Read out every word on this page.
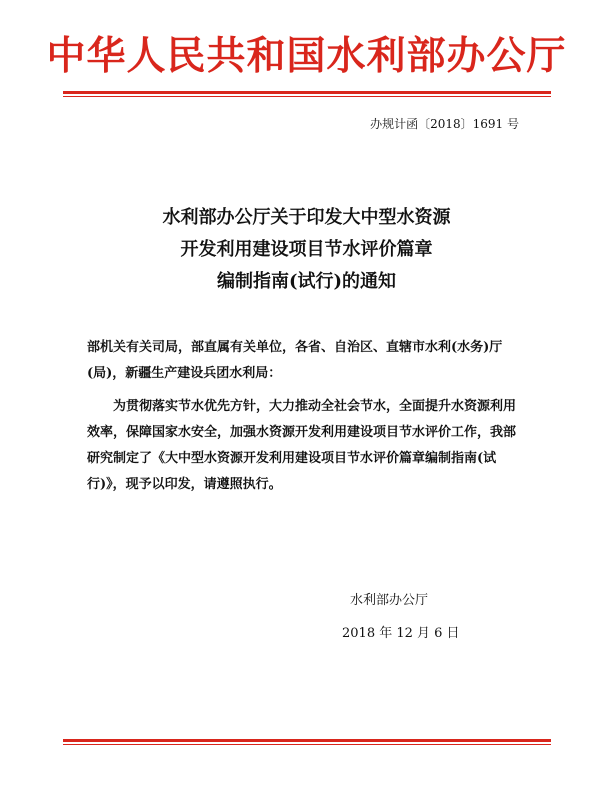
中华人民共和国水利部办公厅
办规计函〔2018〕1691 号
水利部办公厅关于印发大中型水资源
开发利用建设项目节水评价篇章
编制指南(试行)的通知

部机关有关司局，部直属有关单位，各省、自治区、直辖市水利(水务)厅(局)，新疆生产建设兵团水利局：

为贯彻落实节水优先方针，大力推动全社会节水，全面提升水资源利用效率，保障国家水安全，加强水资源开发利用建设项目节水评价工作，我部研究制定了《大中型水资源开发利用建设项目节水评价篇章编制指南(试行)》，现予以印发，请遵照执行。

水利部办公厅
2018 年 12 月 6 日
